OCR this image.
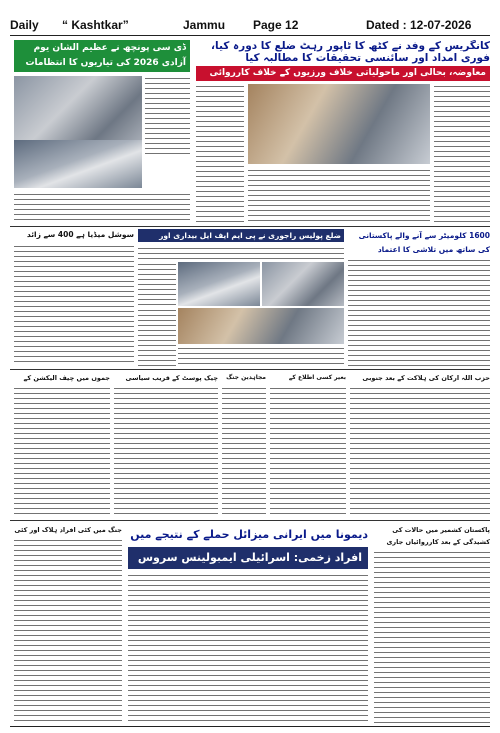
Daily “ Kashtkar”	Jammu Page 12	Dated : 12-07-2026
ڈی سی پونچھ نے عظیم الشان یوم آزادی 2026 کی تیاریوں کا انتظامات
کانگریس کے وفد نے کٹھ کا ٹاپور رہٹ ضلع کا دورہ کیا، فوری امداد اور سائنسی تحقیقات کا مطالبہ کیا
معاوضہ، بحالی اور ماحولیاتی خلاف ورزیوں کے خلاف کارروائی
سوشل میڈیا ہے 400 سے زائد	ضلع پولیس راجوری نے پی ایم ایف ایل بیداری اور	1600 کلومیٹر سے آنے والے پاکستانی
کی ساتھ میں تلاشی کا اعتماد
جموں میں چیف الیکشن کے	چیک پوسٹ کے قریب سیاسی	مجاہدین جنگ	بغیر کسی اطلاع کے	حزب اللہ ارکان کی ہلاکت کے بعد جنوبی
جنگ میں کئی افراد ہلاک اور کئی	دیمونا میں ایرانی میزائل حملے کے نتیجے میں
افراد زخمی: اسرائیلی ایمبولینس سروس
پاکستان کشمیر میں حالات کی کشیدگی کے بعد کارروائیاں جاری
